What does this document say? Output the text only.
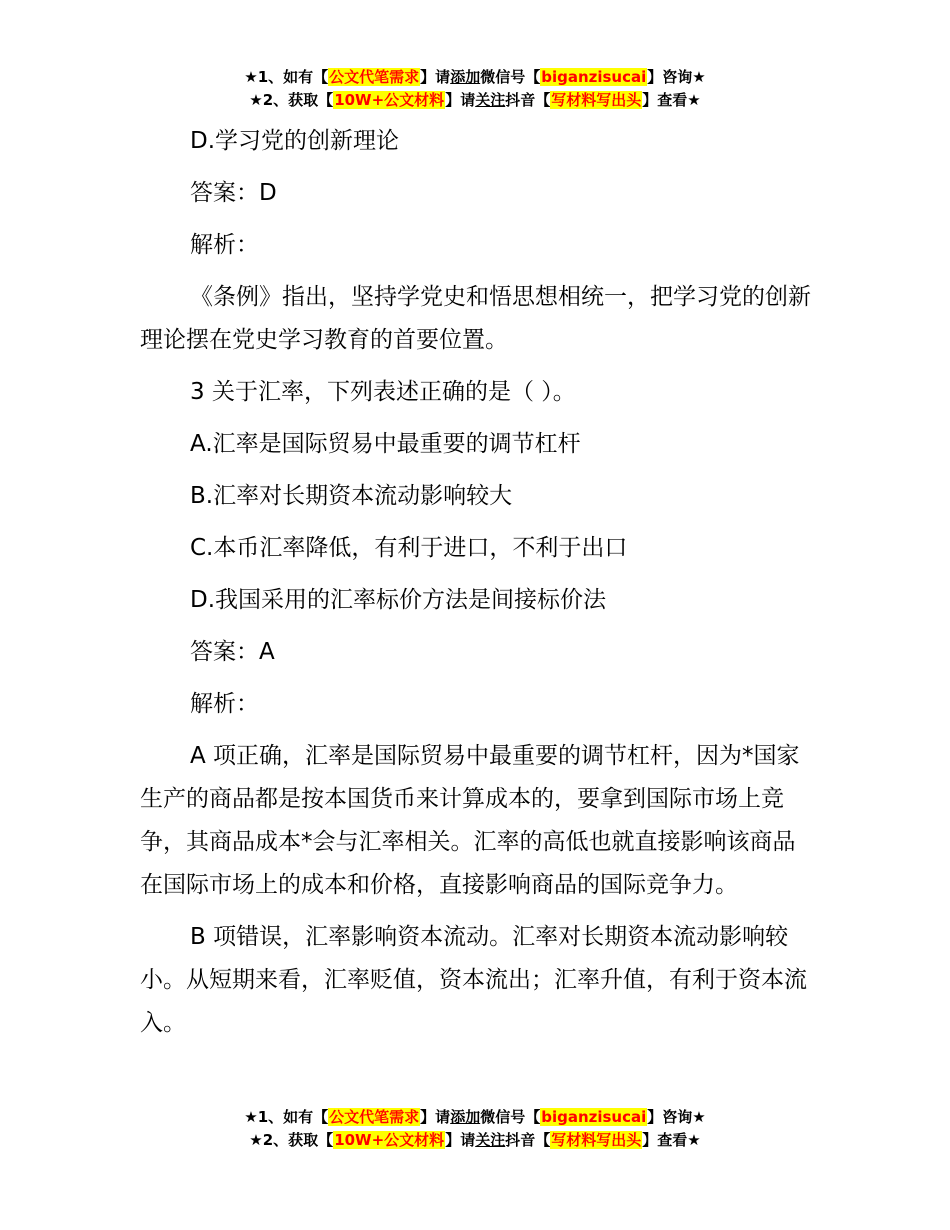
★1、如有【公文代笔需求】请添加微信号【biganzisucai】咨询★
★2、获取【10W+公文材料】请关注抖音【写材料写出头】查看★

D.学习党的创新理论

答案：D

解析：

《条例》指出，坚持学党史和悟思想相统一，把学习党的创新理论摆在党史学习教育的首要位置。

3 关于汇率，下列表述正确的是（ ）。

A.汇率是国际贸易中最重要的调节杠杆

B.汇率对长期资本流动影响较大

C.本币汇率降低，有利于进口，不利于出口

D.我国采用的汇率标价方法是间接标价法

答案：A

解析：

A 项正确，汇率是国际贸易中最重要的调节杠杆，因为*国家生产的商品都是按本国货币来计算成本的，要拿到国际市场上竞争，其商品成本*会与汇率相关。汇率的高低也就直接影响该商品在国际市场上的成本和价格，直接影响商品的国际竞争力。

B 项错误，汇率影响资本流动。汇率对长期资本流动影响较小。从短期来看，汇率贬值，资本流出；汇率升值，有利于资本流入。

★1、如有【公文代笔需求】请添加微信号【biganzisucai】咨询★
★2、获取【10W+公文材料】请关注抖音【写材料写出头】查看★
